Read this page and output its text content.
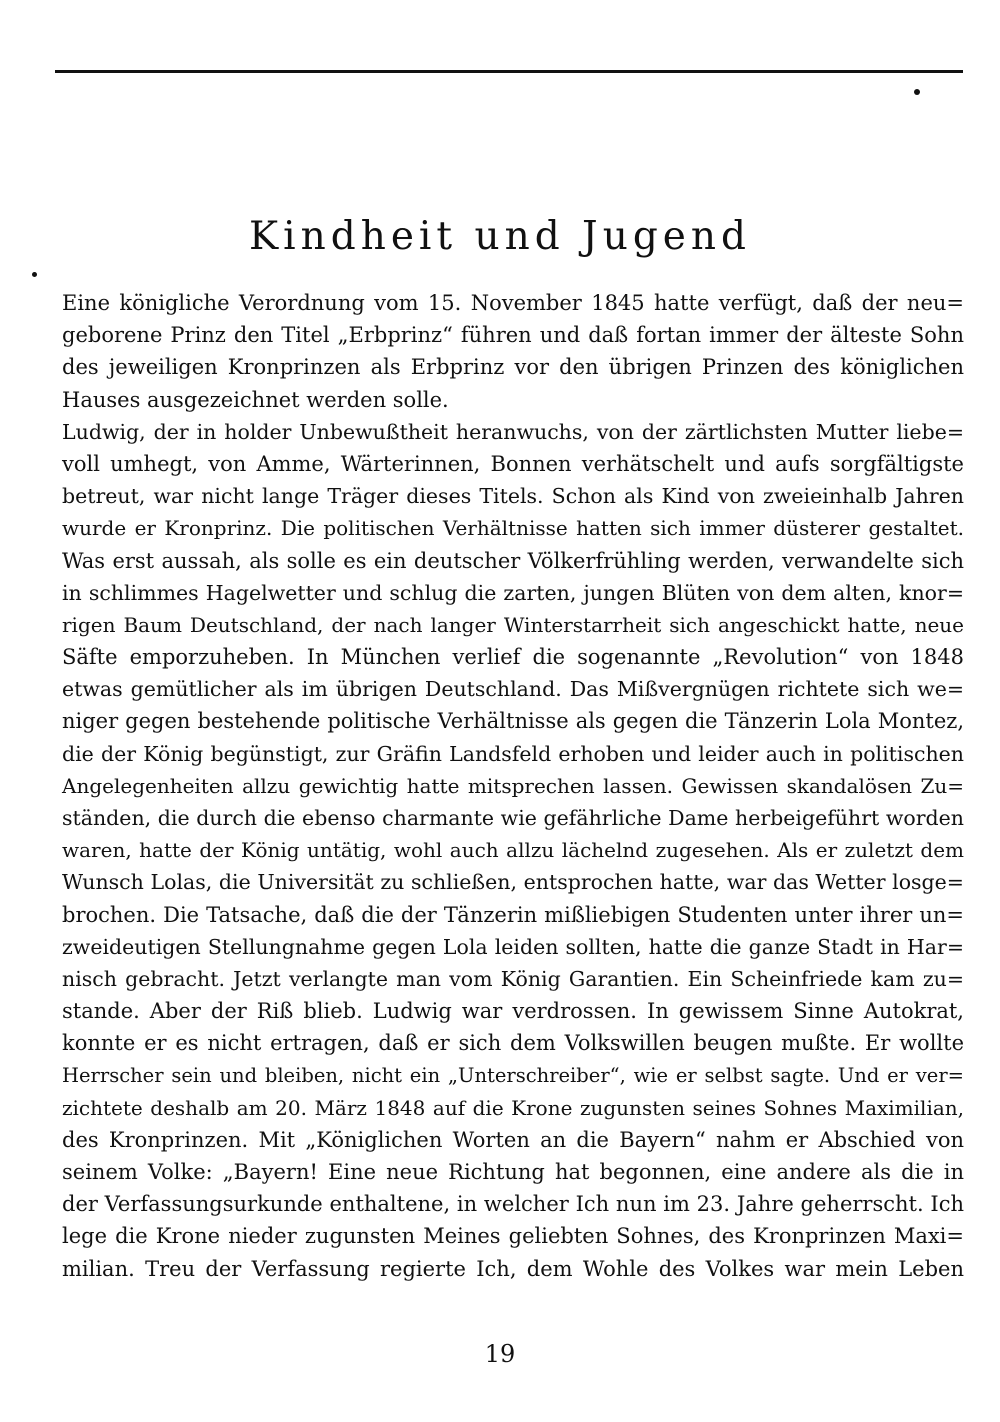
Kindheit und Jugend
Eine königliche Verordnung vom 15. November 1845 hatte verfügt, daß der neu=
geborene Prinz den Titel „Erbprinz“ führen und daß fortan immer der älteste Sohn
des jeweiligen Kronprinzen als Erbprinz vor den übrigen Prinzen des königlichen
Hauses ausgezeichnet werden solle.
Ludwig, der in holder Unbewußtheit heranwuchs, von der zärtlichsten Mutter liebe=
voll umhegt, von Amme, Wärterinnen, Bonnen verhätschelt und aufs sorgfältigste
betreut, war nicht lange Träger dieses Titels. Schon als Kind von zweieinhalb Jahren
wurde er Kronprinz. Die politischen Verhältnisse hatten sich immer düsterer gestaltet.
Was erst aussah, als solle es ein deutscher Völkerfrühling werden, verwandelte sich
in schlimmes Hagelwetter und schlug die zarten, jungen Blüten von dem alten, knor=
rigen Baum Deutschland, der nach langer Winterstarrheit sich angeschickt hatte, neue
Säfte emporzuheben. In München verlief die sogenannte „Revolution“ von 1848
etwas gemütlicher als im übrigen Deutschland. Das Mißvergnügen richtete sich we=
niger gegen bestehende politische Verhältnisse als gegen die Tänzerin Lola Montez,
die der König begünstigt, zur Gräfin Landsfeld erhoben und leider auch in politischen
Angelegenheiten allzu gewichtig hatte mitsprechen lassen. Gewissen skandalösen Zu=
ständen, die durch die ebenso charmante wie gefährliche Dame herbeigeführt worden
waren, hatte der König untätig, wohl auch allzu lächelnd zugesehen. Als er zuletzt dem
Wunsch Lolas, die Universität zu schließen, entsprochen hatte, war das Wetter losge=
brochen. Die Tatsache, daß die der Tänzerin mißliebigen Studenten unter ihrer un=
zweideutigen Stellungnahme gegen Lola leiden sollten, hatte die ganze Stadt in Har=
nisch gebracht. Jetzt verlangte man vom König Garantien. Ein Scheinfriede kam zu=
stande. Aber der Riß blieb. Ludwig war verdrossen. In gewissem Sinne Autokrat,
konnte er es nicht ertragen, daß er sich dem Volkswillen beugen mußte. Er wollte
Herrscher sein und bleiben, nicht ein „Unterschreiber“, wie er selbst sagte. Und er ver=
zichtete deshalb am 20. März 1848 auf die Krone zugunsten seines Sohnes Maximilian,
des Kronprinzen. Mit „Königlichen Worten an die Bayern“ nahm er Abschied von
seinem Volke: „Bayern! Eine neue Richtung hat begonnen, eine andere als die in
der Verfassungsurkunde enthaltene, in welcher Ich nun im 23. Jahre geherrscht. Ich
lege die Krone nieder zugunsten Meines geliebten Sohnes, des Kronprinzen Maxi=
milian. Treu der Verfassung regierte Ich, dem Wohle des Volkes war mein Leben
19
